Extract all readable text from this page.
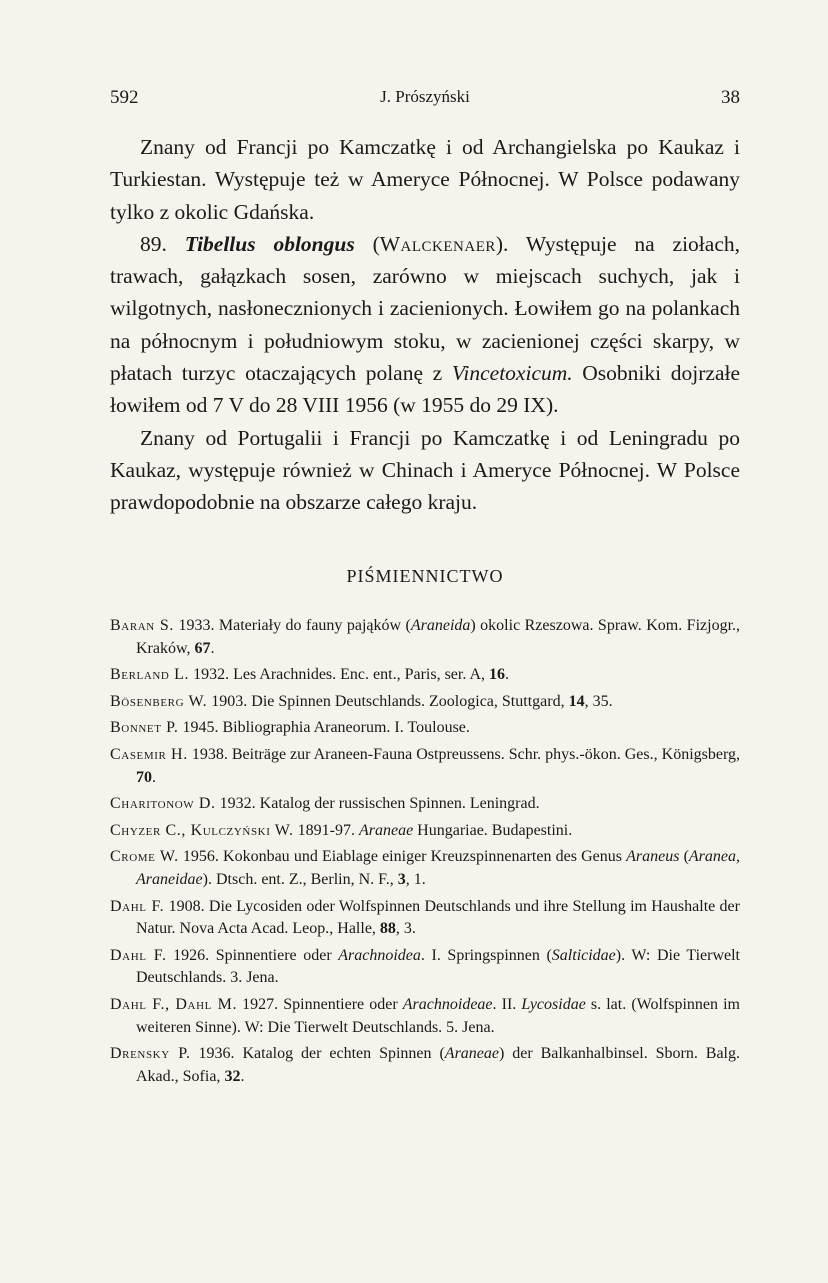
592	J. Prószyński	38

Znany od Francji po Kamczatkę i od Archangielska po Kaukaz i Turkiestan. Występuje też w Ameryce Północnej. W Polsce podawany tylko z okolic Gdańska.

89. Tibellus oblongus (Walckenaer). Występuje na ziołach, trawach, gałązkach sosen, zarówno w miejscach suchych, jak i wilgotnych, nasłonecznionych i zacienionych. Łowiłem go na polankach na północnym i południowym stoku, w zacienionej części skarpy, w płatach turzyc otaczających polanę z Vincetoxicum. Osobniki dojrzałe łowiłem od 7 V do 28 VIII 1956 (w 1955 do 29 IX).

Znany od Portugalii i Francji po Kamczatkę i od Leningradu po Kaukaz, występuje również w Chinach i Ameryce Północnej. W Polsce prawdopodobnie na obszarze całego kraju.

PIŚMIENNICTWO

Baran S. 1933. Materiały do fauny pająków (Araneida) okolic Rzeszowa. Spraw. Kom. Fizjogr., Kraków, 67.

Berland L. 1932. Les Arachnides. Enc. ent., Paris, ser. A, 16.

Bösenberg W. 1903. Die Spinnen Deutschlands. Zoologica, Stuttgard, 14, 35.

Bonnet P. 1945. Bibliographia Araneorum. I. Toulouse.

Casemir H. 1938. Beiträge zur Araneen-Fauna Ostpreussens. Schr. phys.-ökon. Ges., Königsberg, 70.

Charitonow D. 1932. Katalog der russischen Spinnen. Leningrad.

Chyzer C., Kulczyński W. 1891-97. Araneae Hungariae. Budapestini.

Crome W. 1956. Kokonbau und Eiablage einiger Kreuzspinnenarten des Genus Araneus (Aranea, Araneidae). Dtsch. ent. Z., Berlin, N. F., 3, 1.

Dahl F. 1908. Die Lycosiden oder Wolfspinnen Deutschlands und ihre Stellung im Haushalte der Natur. Nova Acta Acad. Leop., Halle, 88, 3.

Dahl F. 1926. Spinnentiere oder Arachnoidea. I. Springspinnen (Salticidae). W: Die Tierwelt Deutschlands. 3. Jena.

Dahl F., Dahl M. 1927. Spinnentiere oder Arachnoideae. II. Lycosidae s. lat. (Wolfspinnen im weiteren Sinne). W: Die Tierwelt Deutschlands. 5. Jena.

Drensky P. 1936. Katalog der echten Spinnen (Araneae) der Balkanhalbinsel. Sborn. Balg. Akad., Sofia, 32.
